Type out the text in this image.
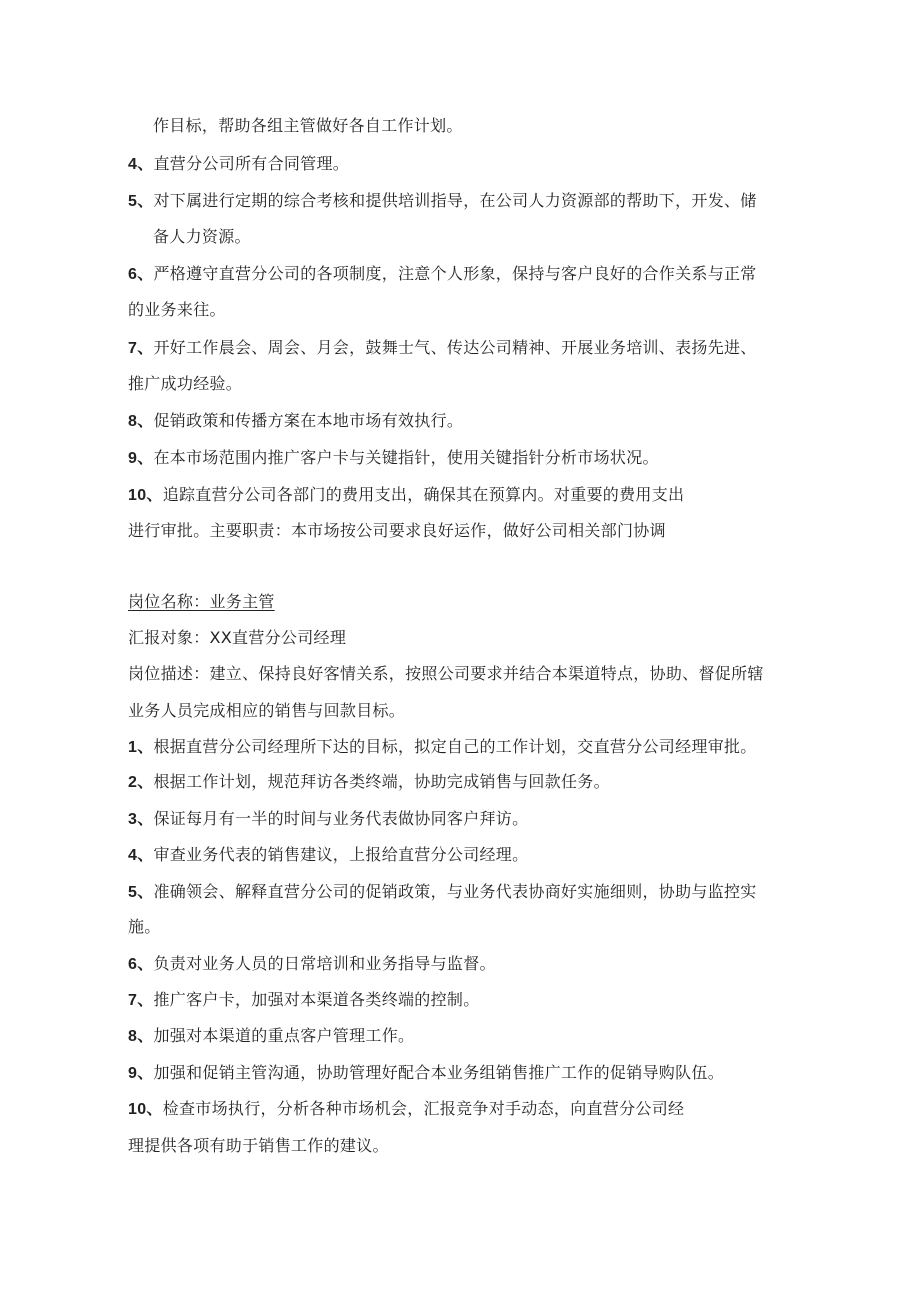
作目标，帮助各组主管做好各自工作计划。
4、直营分公司所有合同管理。
5、对下属进行定期的综合考核和提供培训指导，在公司人力资源部的帮助下，开发、储
备人力资源。
6、严格遵守直营分公司的各项制度，注意个人形象，保持与客户良好的合作关系与正常
的业务来往。
7、开好工作晨会、周会、月会，鼓舞士气、传达公司精神、开展业务培训、表扬先进、
推广成功经验。
8、促销政策和传播方案在本地市场有效执行。
9、在本市场范围内推广客户卡与关键指针，使用关键指针分析市场状况。
10、追踪直营分公司各部门的费用支出，确保其在预算内。对重要的费用支出
进行审批。主要职责：本市场按公司要求良好运作，做好公司相关部门协调
岗位名称：业务主管
汇报对象：XX直营分公司经理
岗位描述：建立、保持良好客情关系，按照公司要求并结合本渠道特点，协助、督促所辖
业务人员完成相应的销售与回款目标。
1、根据直营分公司经理所下达的目标，拟定自己的工作计划，交直营分公司经理审批。
2、根据工作计划，规范拜访各类终端，协助完成销售与回款任务。
3、保证每月有一半的时间与业务代表做协同客户拜访。
4、审查业务代表的销售建议，上报给直营分公司经理。
5、准确领会、解释直营分公司的促销政策，与业务代表协商好实施细则，协助与监控实
施。
6、负责对业务人员的日常培训和业务指导与监督。
7、推广客户卡，加强对本渠道各类终端的控制。
8、加强对本渠道的重点客户管理工作。
9、加强和促销主管沟通，协助管理好配合本业务组销售推广工作的促销导购队伍。
10、检查市场执行，分析各种市场机会，汇报竞争对手动态，向直营分公司经
理提供各项有助于销售工作的建议。
